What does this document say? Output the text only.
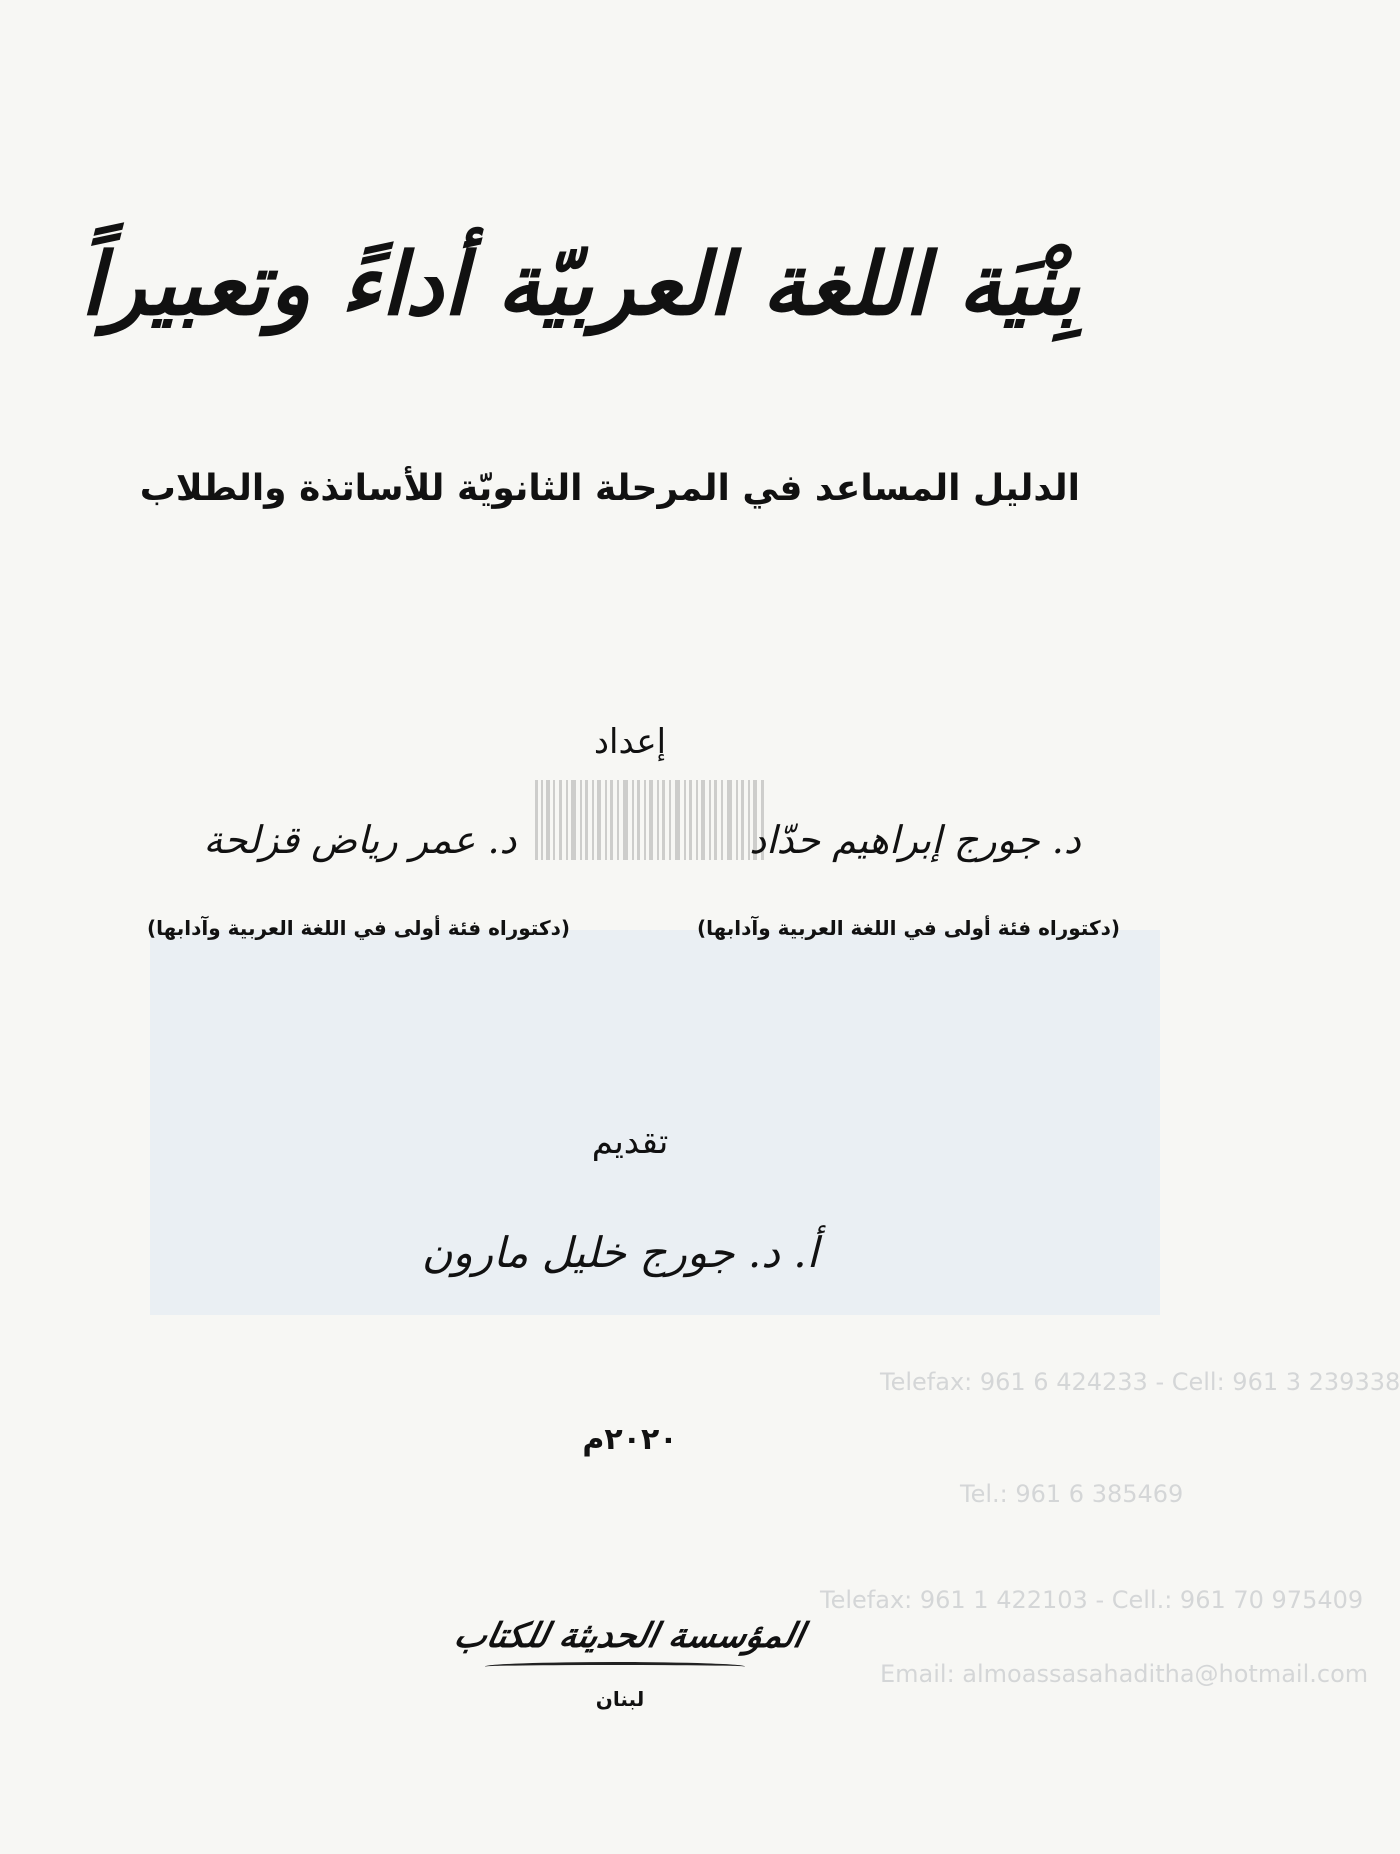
Telefax: 961 6 424233 - Cell: 961 3 239338
Tel.: 961 6 385469
Telefax: 961 1 422103 - Cell.: 961 70 975409
Email: almoassasahaditha@hotmail.com
بِنْيَة اللغة العربيّة أداءً وتعبيراً
الدليل المساعد في المرحلة الثانويّة للأساتذة والطلاب
إعداد
د. جورج إبراهيم حدّاد
(دكتوراه فئة أولى في اللغة العربية وآدابها)
د. عمر رياض قزلحة
(دكتوراه فئة أولى في اللغة العربية وآدابها)
تقديم
أ. د. جورج خليل مارون
٢٠٢٠م
المؤسسة الحديثة للكتاب
لبنان
